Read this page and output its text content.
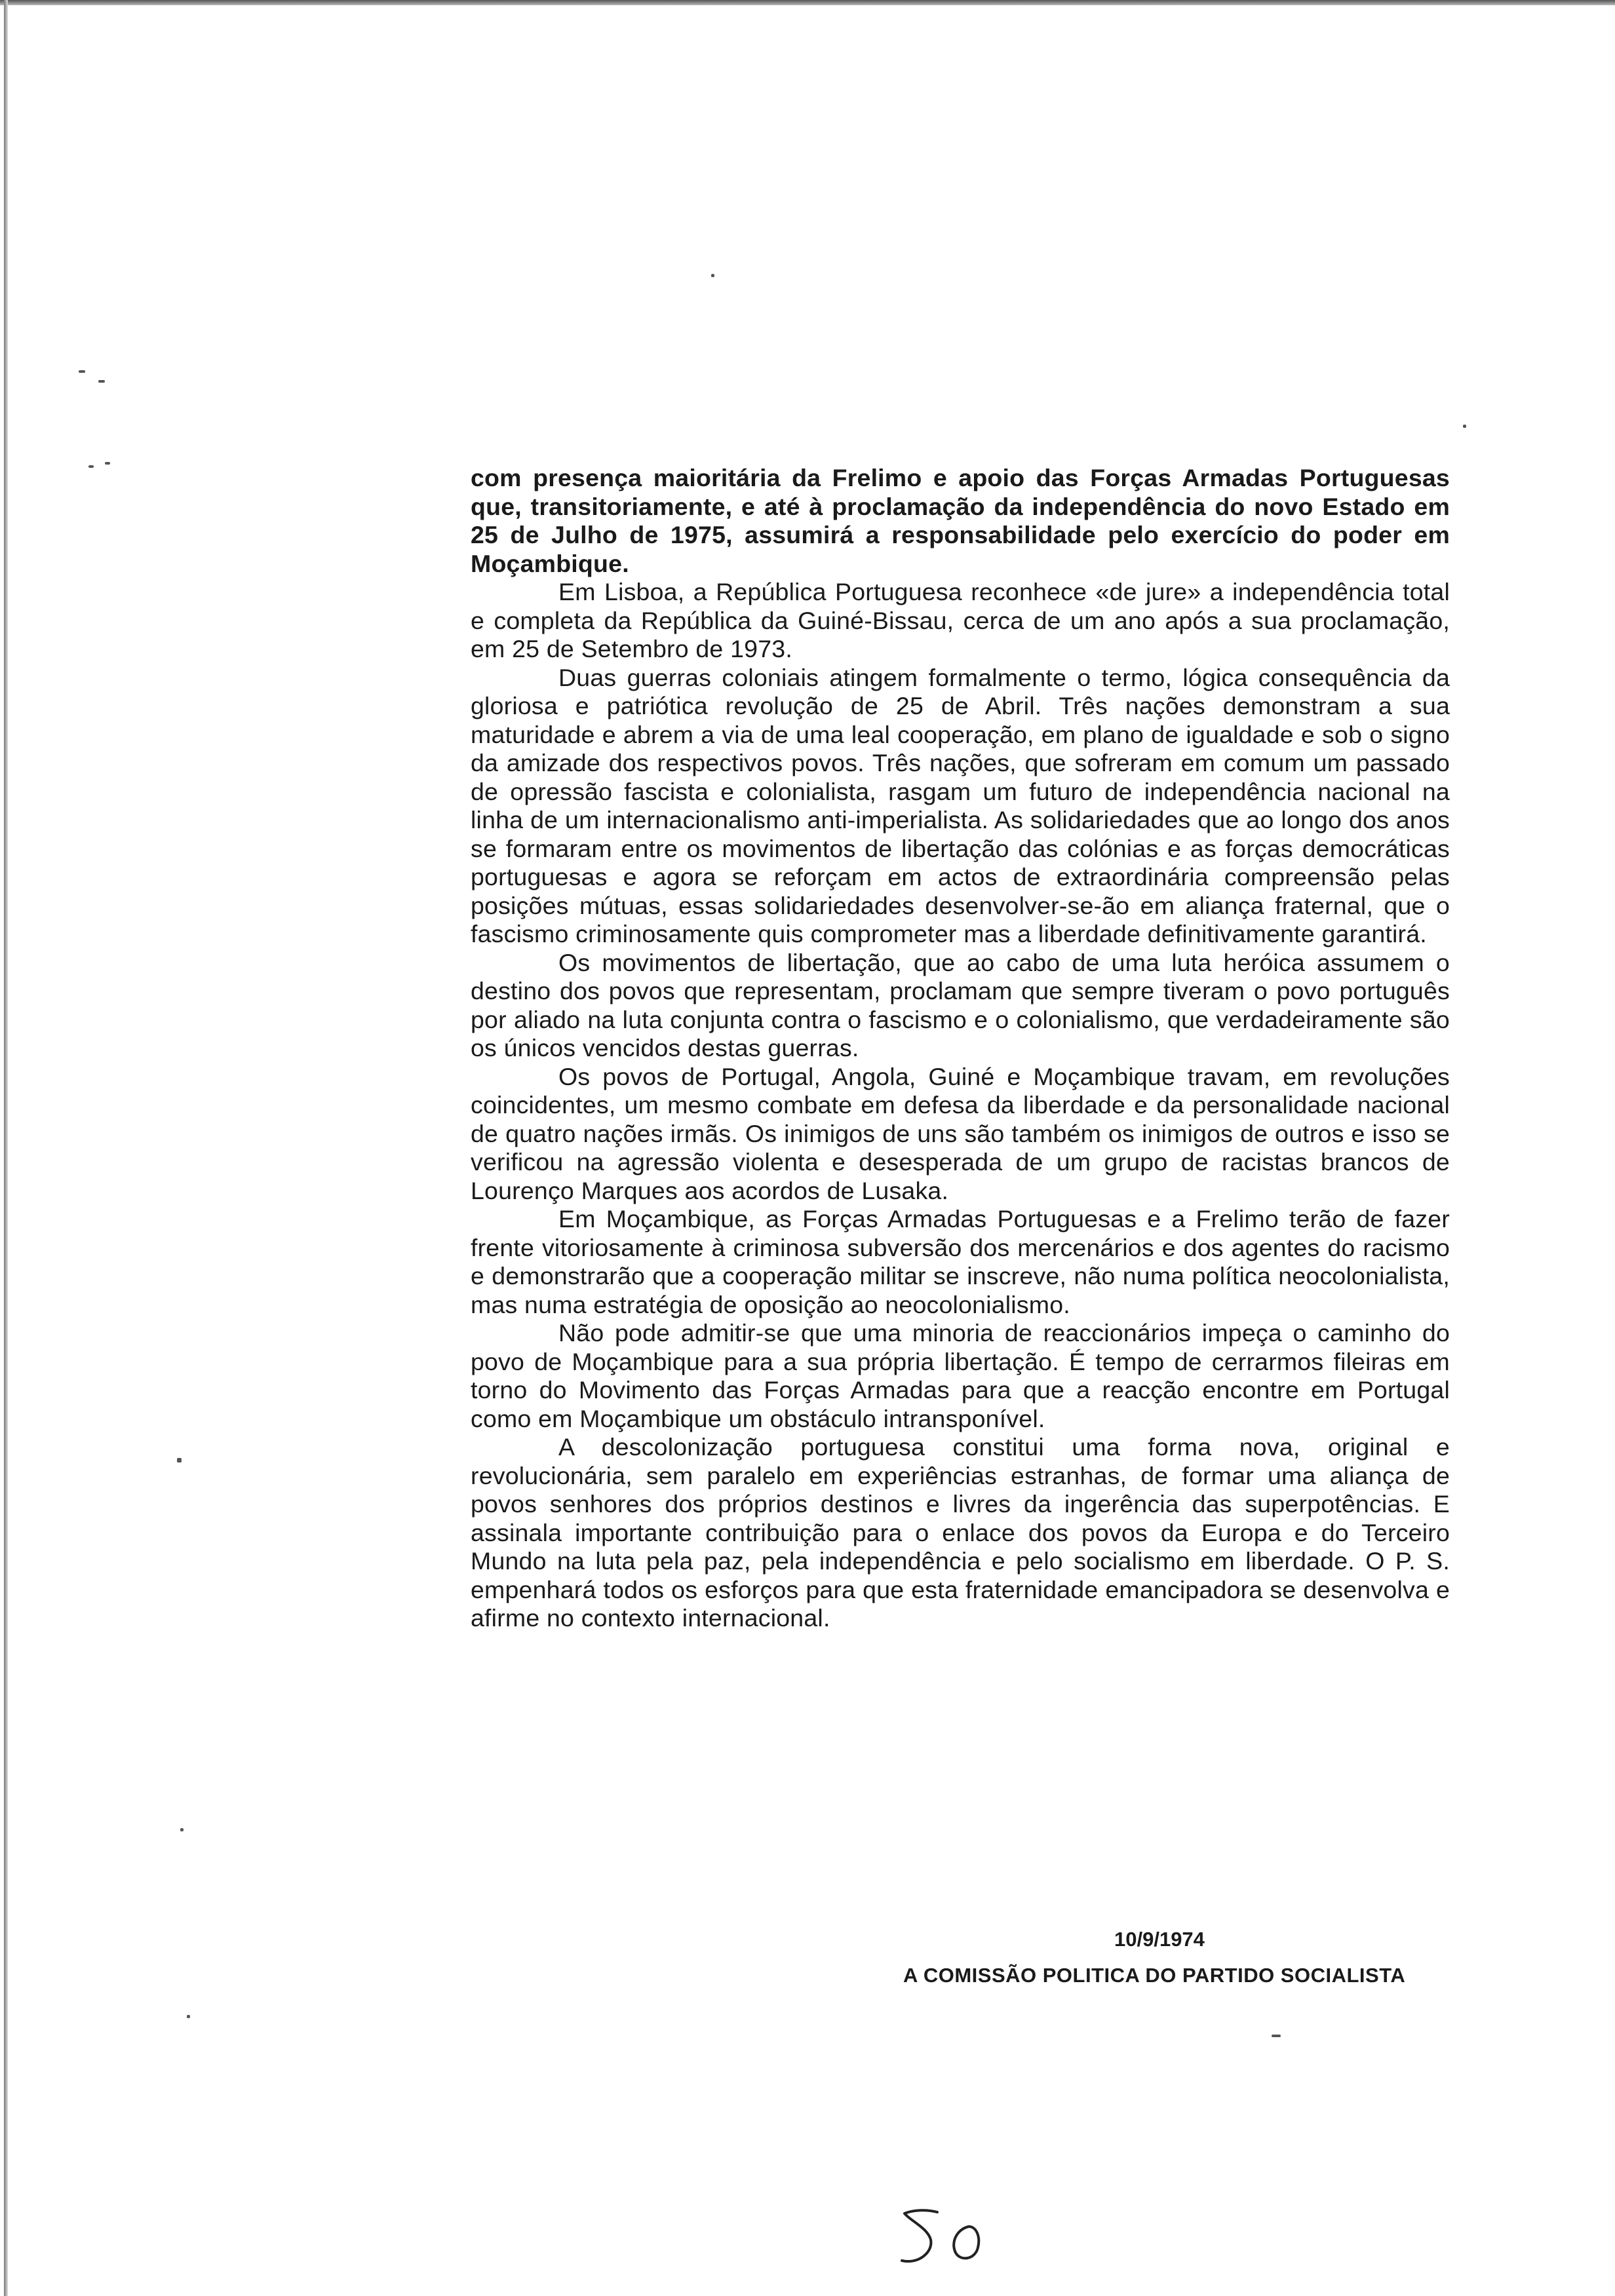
com presença maioritária da Frelimo e apoio das Forças Armadas Portuguesas que, transitoriamente, e até à proclamação da independência do novo Estado em 25 de Julho de 1975, assumirá a responsabilidade pelo exercício do poder em Moçambique.

Em Lisboa, a República Portuguesa reconhece «de jure» a independência total e completa da República da Guiné-Bissau, cerca de um ano após a sua proclamação, em 25 de Setembro de 1973.

Duas guerras coloniais atingem formalmente o termo, lógica consequência da gloriosa e patriótica revolução de 25 de Abril. Três nações demonstram a sua maturidade e abrem a via de uma leal cooperação, em plano de igualdade e sob o signo da amizade dos respectivos povos. Três nações, que sofreram em comum um passado de opressão fascista e colonialista, rasgam um futuro de independência nacional na linha de um internacionalismo anti-imperialista. As solidariedades que ao longo dos anos se formaram entre os movimentos de libertação das colónias e as forças democráticas portuguesas e agora se reforçam em actos de extraordinária compreensão pelas posições mútuas, essas solidariedades desenvolver-se-ão em aliança fraternal, que o fascismo criminosamente quis comprometer mas a liberdade definitivamente garantirá.

Os movimentos de libertação, que ao cabo de uma luta heróica assumem o destino dos povos que representam, proclamam que sempre tiveram o povo português por aliado na luta conjunta contra o fascismo e o colonialismo, que verdadeiramente são os únicos vencidos destas guerras.

Os povos de Portugal, Angola, Guiné e Moçambique travam, em revoluções coincidentes, um mesmo combate em defesa da liberdade e da personalidade nacional de quatro nações irmãs. Os inimigos de uns são também os inimigos de outros e isso se verificou na agressão violenta e desesperada de um grupo de racistas brancos de Lourenço Marques aos acordos de Lusaka.

Em Moçambique, as Forças Armadas Portuguesas e a Frelimo terão de fazer frente vitoriosamente à criminosa subversão dos mercenários e dos agentes do racismo e demonstrarão que a cooperação militar se inscreve, não numa política neocolonialista, mas numa estratégia de oposição ao neocolonialismo.

Não pode admitir-se que uma minoria de reaccionários impeça o caminho do povo de Moçambique para a sua própria libertação. É tempo de cerrarmos fileiras em torno do Movimento das Forças Armadas para que a reacção encontre em Portugal como em Moçambique um obstáculo intransponível.

A descolonização portuguesa constitui uma forma nova, original e revolucionária, sem paralelo em experiências estranhas, de formar uma aliança de povos senhores dos próprios destinos e livres da ingerência das superpotências. E assinala importante contribuição para o enlace dos povos da Europa e do Terceiro Mundo na luta pela paz, pela independência e pelo socialismo em liberdade. O P. S. empenhará todos os esforços para que esta fraternidade emancipadora se desenvolva e afirme no contexto internacional.

10/9/1974
A COMISSÃO POLITICA DO PARTIDO SOCIALISTA
